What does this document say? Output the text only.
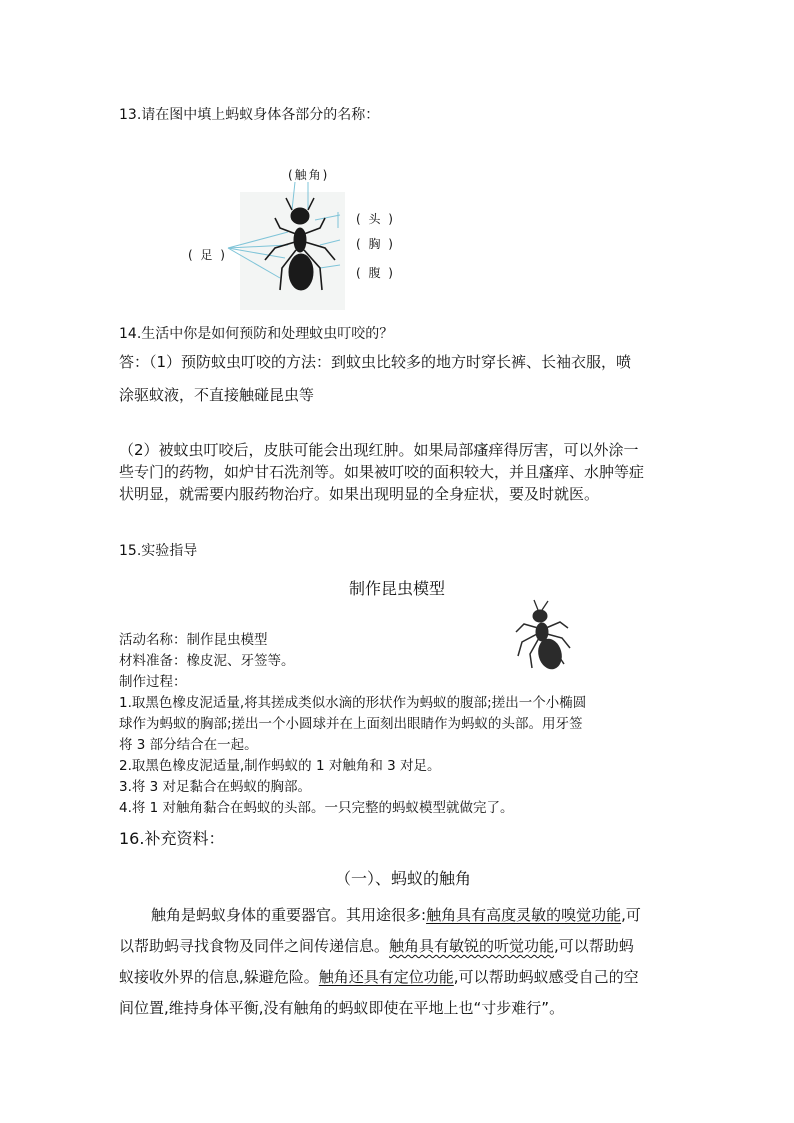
13.请在图中填上蚂蚁身体各部分的名称：
(触角)
( 头 )
( 胸 )
( 腹 )
( 足 )
14.生活中你是如何预防和处理蚊虫叮咬的？
答：（1）预防蚊虫叮咬的方法：到蚊虫比较多的地方时穿长裤、长袖衣服，喷
涂驱蚊液，不直接触碰昆虫等
（2）被蚊虫叮咬后，皮肤可能会出现红肿。如果局部瘙痒得厉害，可以外涂一
些专门的药物，如炉甘石洗剂等。如果被叮咬的面积较大，并且瘙痒、水肿等症
状明显，就需要内服药物治疗。如果出现明显的全身症状，要及时就医。
15.实验指导
制作昆虫模型
活动名称：制作昆虫模型
材料准备：橡皮泥、牙签等。
制作过程：
1.取黑色橡皮泥适量,将其搓成类似水滴的形状作为蚂蚁的腹部;搓出一个小椭圆
球作为蚂蚁的胸部;搓出一个小圆球并在上面刻出眼睛作为蚂蚁的头部。用牙签
将 3 部分结合在一起。
2.取黑色橡皮泥适量,制作蚂蚁的 1 对触角和 3 对足。
3.将 3 对足黏合在蚂蚁的胸部。
4.将 1 对触角黏合在蚂蚁的头部。一只完整的蚂蚁模型就做完了。
16.补充资料：
（一）、蚂蚁的触角
触角是蚂蚁身体的重要器官。其用途很多:触角具有高度灵敏的嗅觉功能,可
以帮助蚂寻找食物及同伴之间传递信息。触角具有敏锐的听觉功能,可以帮助蚂
蚁接收外界的信息,躲避危险。触角还具有定位功能,可以帮助蚂蚁感受自己的空
间位置,维持身体平衡,没有触角的蚂蚁即使在平地上也“寸步难行”。
